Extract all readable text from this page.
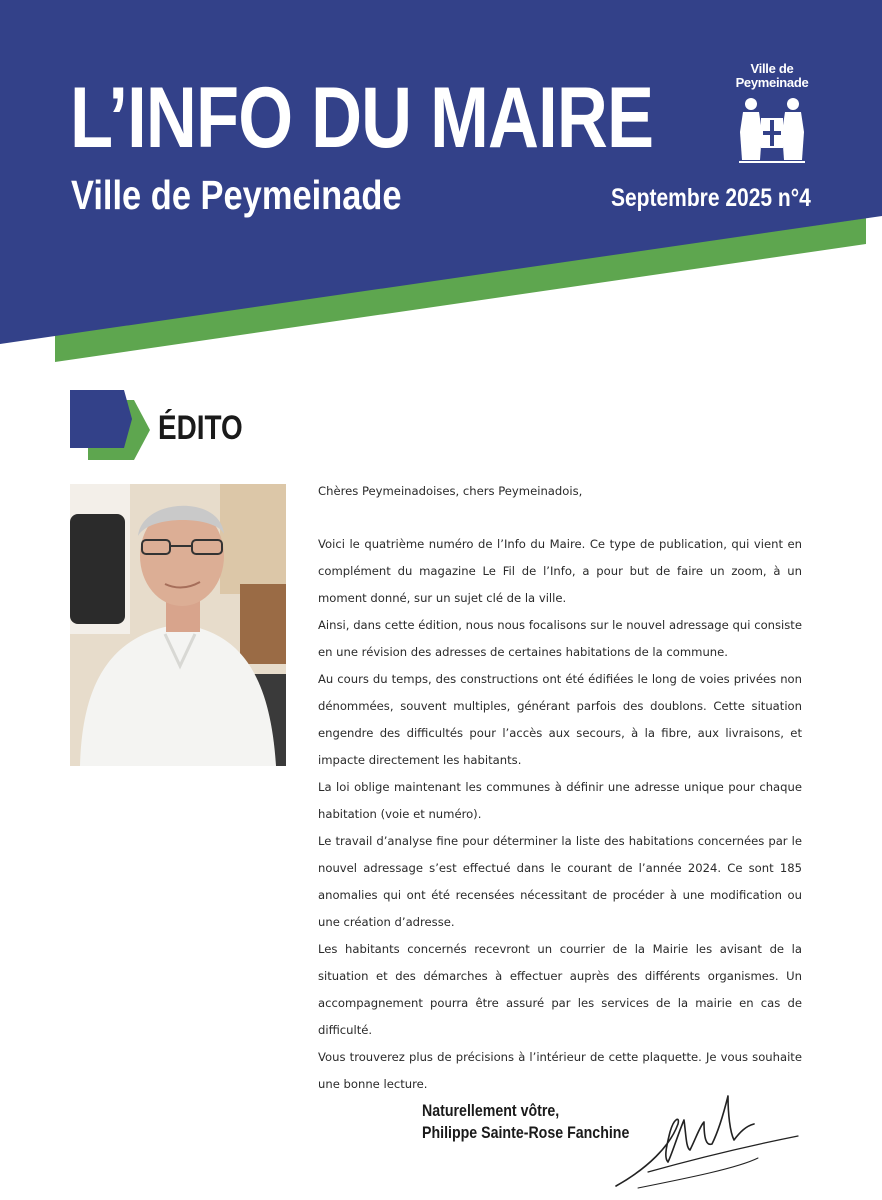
L’INFO DU MAIRE
Ville de Peymeinade	Septembre 2025 n°4
Ville de
Peymeinade
ÉDITO

Chères Peymeinadoises, chers Peymeinadois,

Voici le quatrième numéro de l’Info du Maire. Ce type de publication, qui vient en complément du magazine Le Fil de l’Info, a pour but de faire un zoom, à un moment donné, sur un sujet clé de la ville.

Ainsi, dans cette édition, nous nous focalisons sur le nouvel adressage qui consiste en une révision des adresses de certaines habitations de la commune.

Au cours du temps, des constructions ont été édifiées le long de voies privées non dénommées, souvent multiples, générant parfois des doublons. Cette situation engendre des difficultés pour l’accès aux secours, à la fibre, aux livraisons, et impacte directement les habitants.

La loi oblige maintenant les communes à définir une adresse unique pour chaque habitation (voie et numéro).

Le travail d’analyse fine pour déterminer la liste des habitations concernées par le nouvel adressage s’est effectué dans le courant de l’année 2024. Ce sont 185 anomalies qui ont été recensées nécessitant de procéder à une modification ou une création d’adresse.

Les habitants concernés recevront un courrier de la Mairie les avisant de la situation et des démarches à effectuer auprès des différents organismes. Un accompagnement pourra être assuré par les services de la mairie en cas de difficulté.

Vous trouverez plus de précisions à l’intérieur de cette plaquette. Je vous souhaite une bonne lecture.

Naturellement vôtre,
Philippe Sainte-Rose Fanchine
